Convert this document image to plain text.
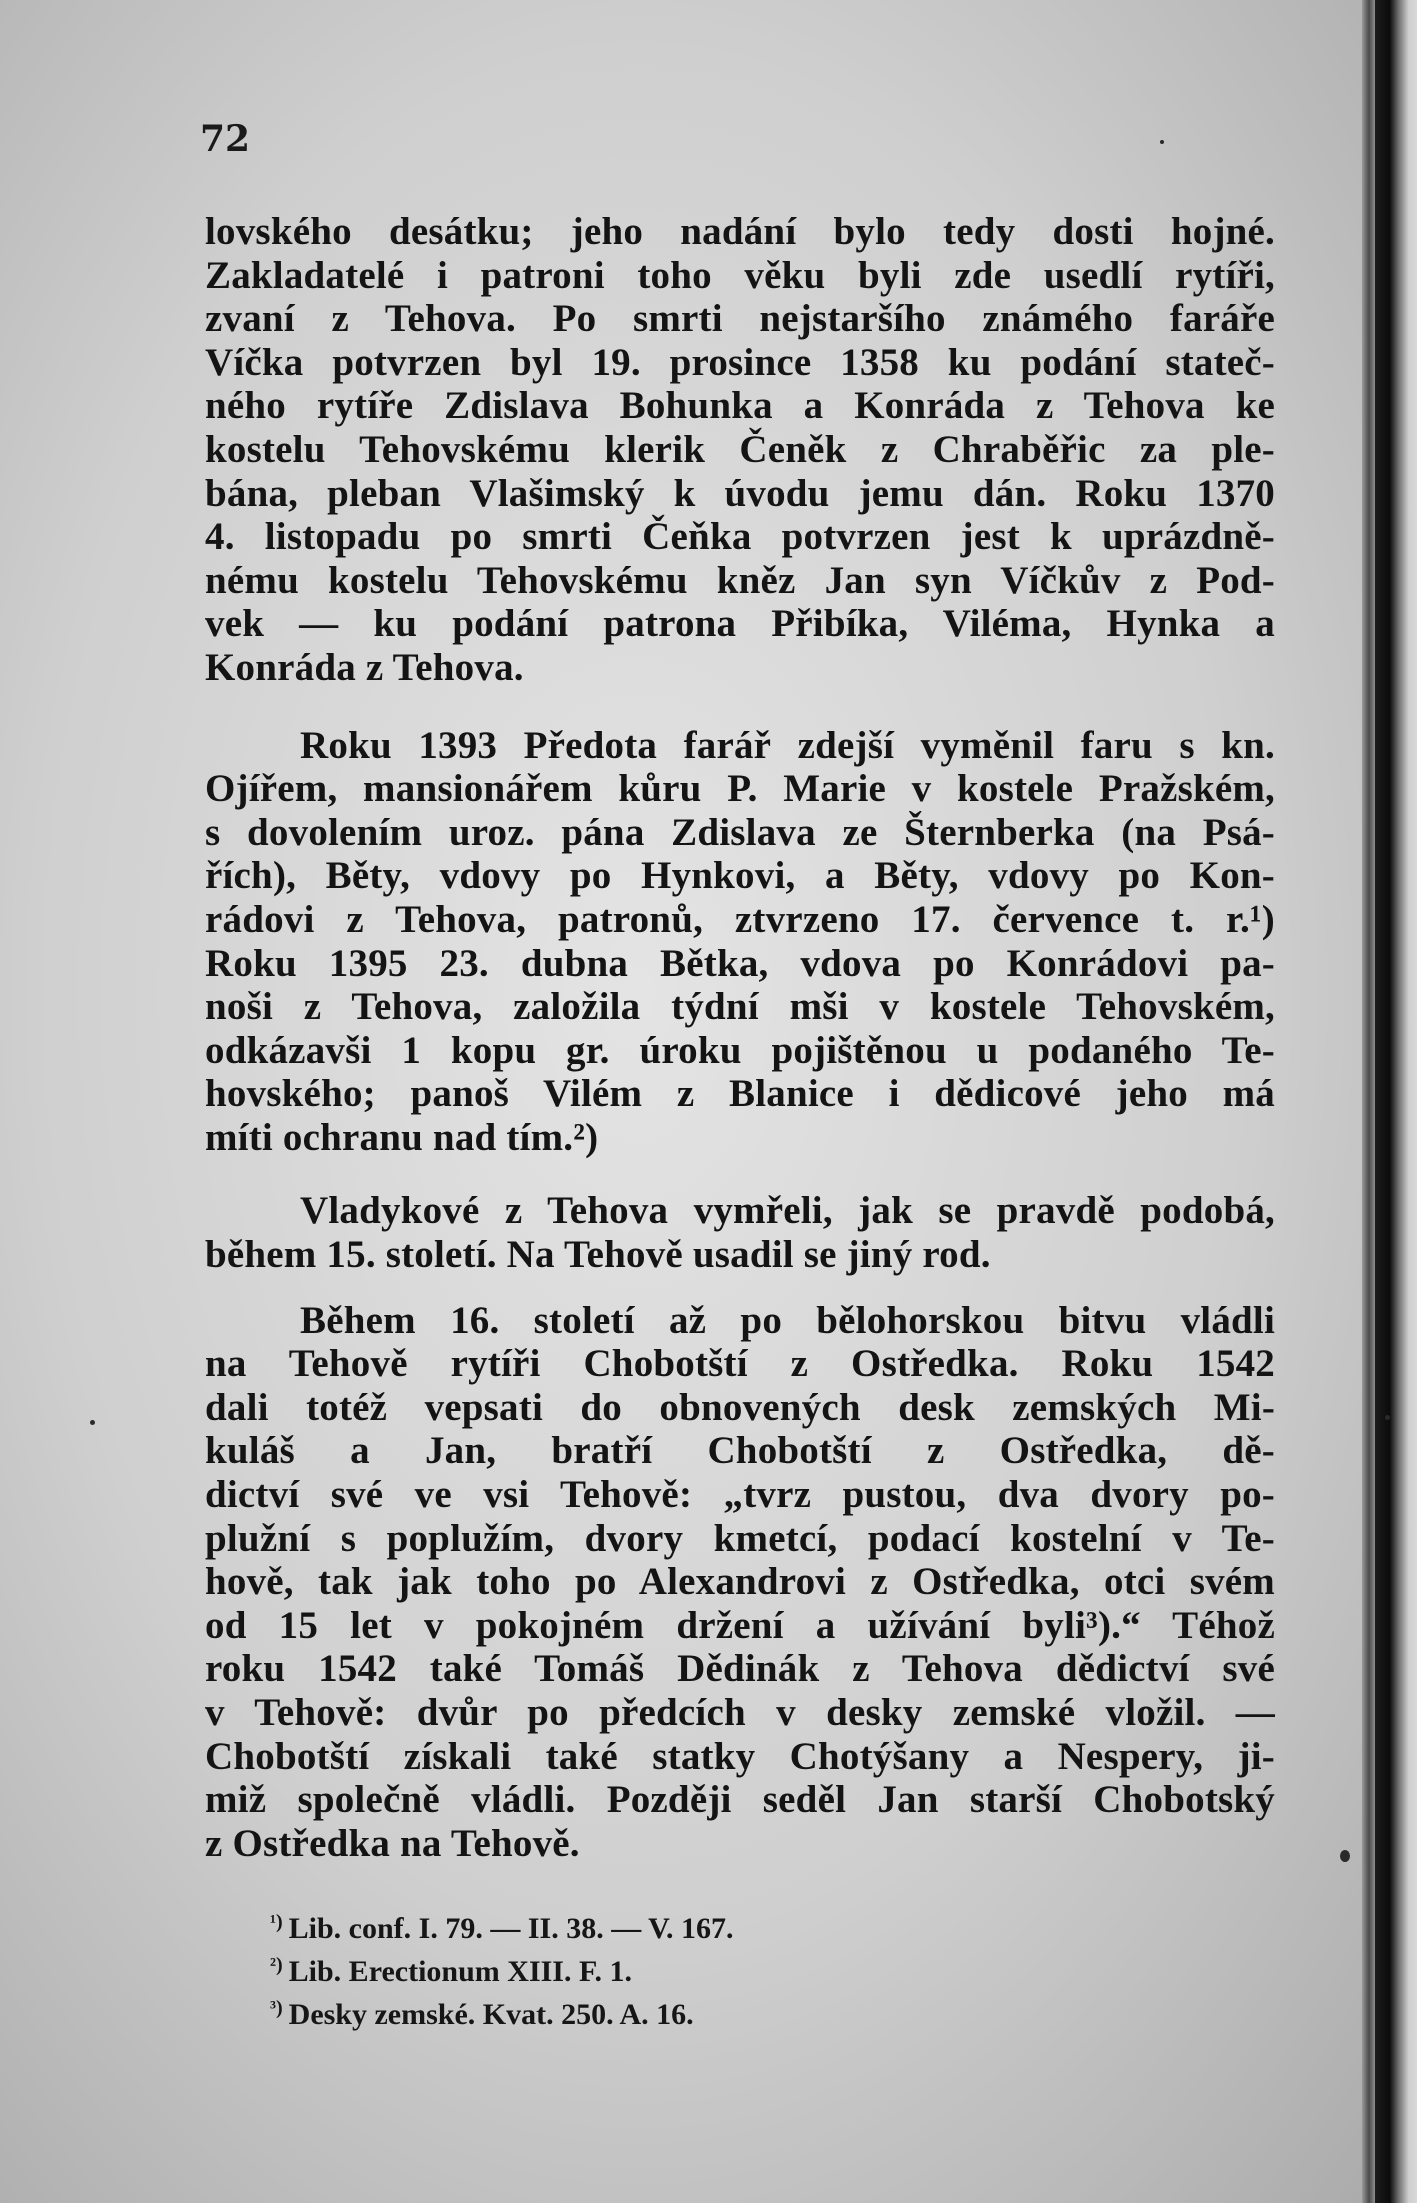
72
lovského desátku; jeho nadání bylo tedy dosti hojné.
Zakladatelé i patroni toho věku byli zde usedlí rytíři,
zvaní z Tehova. Po smrti nejstaršího známého faráře
Víčka potvrzen byl 19. prosince 1358 ku podání stateč-
ného rytíře Zdislava Bohunka a Konráda z Tehova ke
kostelu Tehovskému klerik Čeněk z Chraběřic za ple-
bána, pleban Vlašimský k úvodu jemu dán. Roku 1370
4. listopadu po smrti Čeňka potvrzen jest k uprázdně-
nému kostelu Tehovskému kněz Jan syn Víčkův z Pod-
vek — ku podání patrona Přibíka, Viléma, Hynka a
Konráda z Tehova.
Roku 1393 Předota farář zdejší vyměnil faru s kn.
Ojířem, mansionářem kůru P. Marie v kostele Pražském,
s dovolením uroz. pána Zdislava ze Šternberka (na Psá-
řích), Běty, vdovy po Hynkovi, a Běty, vdovy po Kon-
rádovi z Tehova, patronů, ztvrzeno 17. července t. r.¹)
Roku 1395 23. dubna Bětka, vdova po Konrádovi pa-
noši z Tehova, založila týdní mši v kostele Tehovském,
odkázavši 1 kopu gr. úroku pojištěnou u podaného Te-
hovského; panoš Vilém z Blanice i dědicové jeho má
míti ochranu nad tím.²)
Vladykové z Tehova vymřeli, jak se pravdě podobá,
během 15. století. Na Tehově usadil se jiný rod.
Během 16. století až po bělohorskou bitvu vládli
na Tehově rytíři Chobotští z Ostředka. Roku 1542
dali totéž vepsati do obnovených desk zemských Mi-
kuláš a Jan, bratří Chobotští z Ostředka, dě-
dictví své ve vsi Tehově: „tvrz pustou, dva dvory po-
plužní s poplužím, dvory kmetcí, podací kostelní v Te-
hově, tak jak toho po Alexandrovi z Ostředka, otci svém
od 15 let v pokojném držení a užívání byli³).“ Téhož
roku 1542 také Tomáš Dědinák z Tehova dědictví své
v Tehově: dvůr po předcích v desky zemské vložil. —
Chobotští získali také statky Chotýšany a Nespery, ji-
miž společně vládli. Později seděl Jan starší Chobotský
z Ostředka na Tehově.
$^{^1)}$ Lib. conf. I. 79. — II. 38. — V. 167.
$^{^2)}$ Lib. Erectionum XIII. F. 1.
$^{^3)}$ Desky zemské. Kvat. 250. A. 16.
